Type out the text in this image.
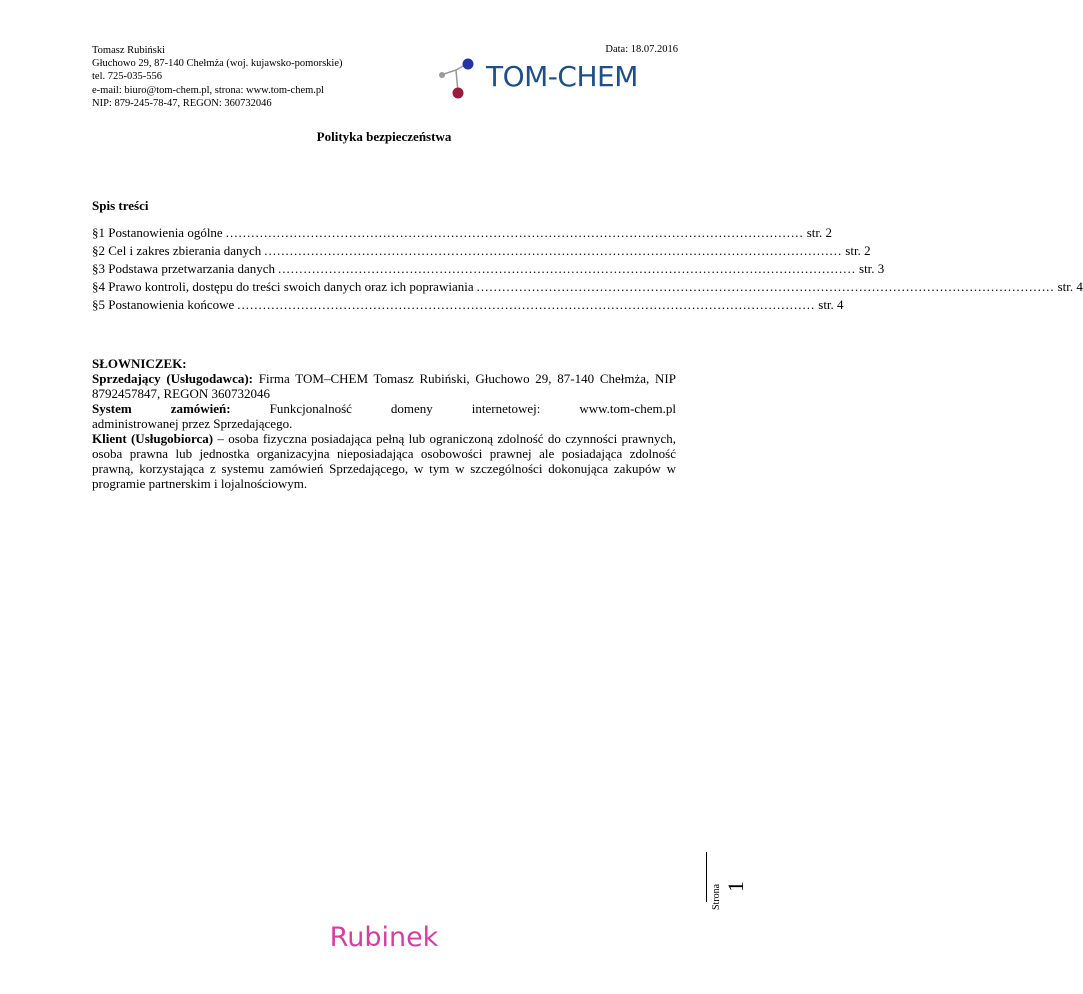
Tomasz Rubiński
Głuchowo 29, 87-140 Chełmża (woj. kujawsko-pomorskie)
tel. 725-035-556
e-mail: biuro@tom-chem.pl, strona: www.tom-chem.pl
NIP: 879-245-78-47, REGON: 360732046
Data: 18.07.2016
TOM-CHEM
Polityka bezpieczeństwa
Spis treści
§1 Postanowienia ogólne ........................................................................................................................................ str. 2
§2 Cel i zakres zbierania danych ........................................................................................................................................ str. 2
§3 Podstawa przetwarzania danych ........................................................................................................................................ str. 3
§4 Prawo kontroli, dostępu do treści swoich danych oraz ich poprawiania ........................................................................................................................................ str. 4
§5 Postanowienia końcowe ........................................................................................................................................ str. 4

SŁOWNICZEK:

Sprzedający (Usługodawca): Firma TOM–CHEM Tomasz Rubiński, Głuchowo 29, 87-140 Chełmża, NIP 8792457847, REGON 360732046

System	zamówień:	Funkcjonalność	domeny	internetowej:	www.tom-chem.pl

administrowanej przez Sprzedającego.

Klient (Usługobiorca) – osoba fizyczna posiadająca pełną lub ograniczoną zdolność do czynności prawnych, osoba prawna lub jednostka organizacyjna nieposiadająca osobowości prawnej ale posiadająca zdolność prawną, korzystająca z systemu zamówień Sprzedającego, w tym w szczególności dokonująca zakupów w programie partnerskim i lojalnościowym.

Strona 1
Rubinek
